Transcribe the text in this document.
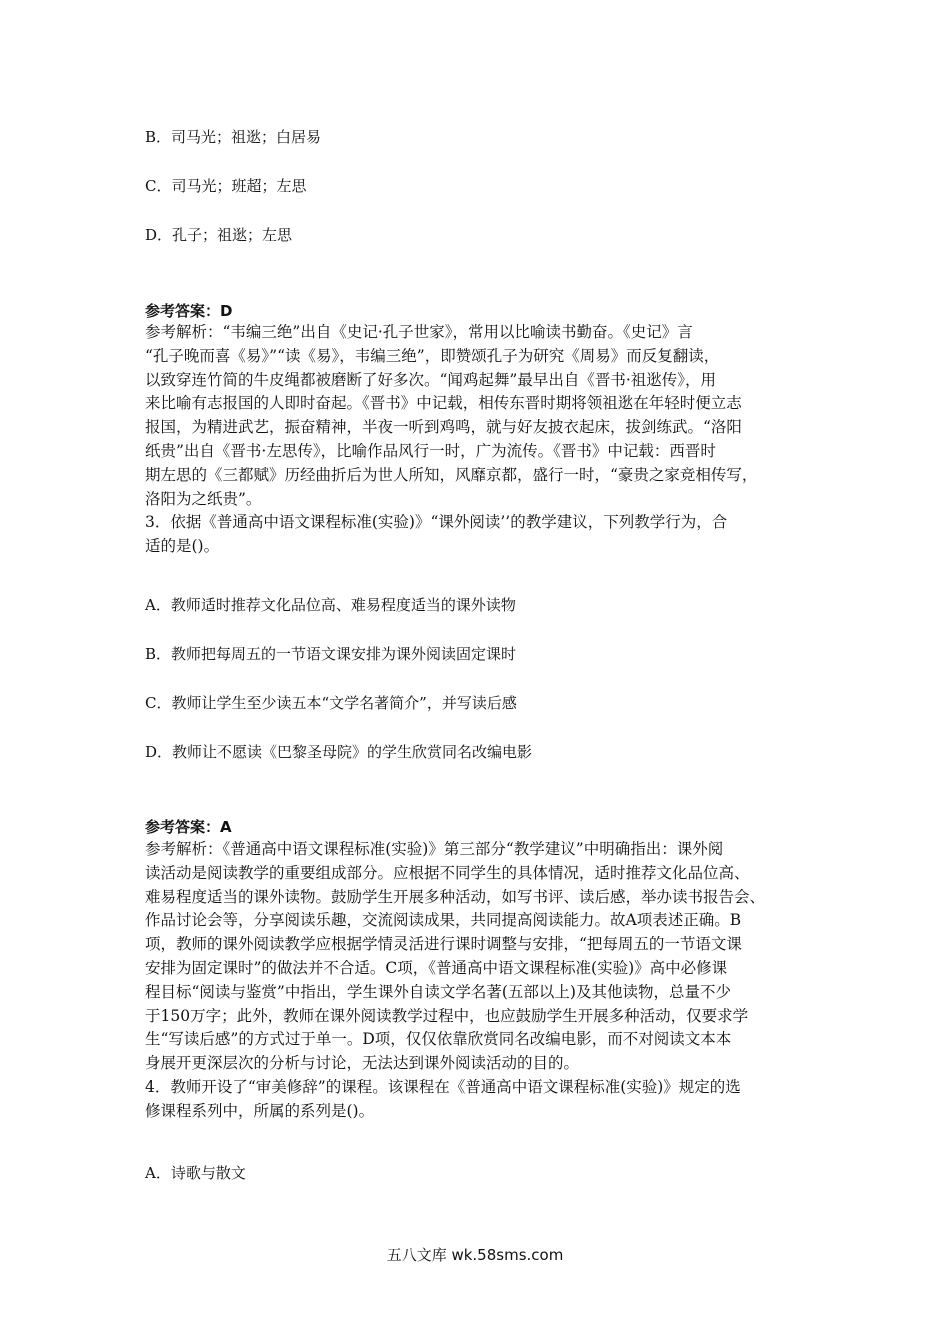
B．司马光；祖逖；白居易
C．司马光；班超；左思
D．孔子；祖逖；左思
参考答案：D

参考解析：“韦编三绝”出自《史记·孔子世家》，常用以比喻读书勤奋。《史记》言

“孔子晚而喜《易》”“读《易》，韦编三绝”，即赞颂孔子为研究《周易》而反复翻读，

以致穿连竹简的牛皮绳都被磨断了好多次。“闻鸡起舞”最早出自《晋书·祖逖传》，用

来比喻有志报国的人即时奋起。《晋书》中记载，相传东晋时期将领祖逖在年轻时便立志

报国，为精进武艺，振奋精神，半夜一听到鸡鸣，就与好友披衣起床，拔剑练武。“洛阳

纸贵”出自《晋书·左思传》，比喻作品风行一时，广为流传。《晋书》中记载：西晋时

期左思的《三都赋》历经曲折后为世人所知，风靡京都，盛行一时，“豪贵之家竞相传写，

洛阳为之纸贵”。

3．依据《普通高中语文课程标准(实验)》“课外阅读’’的教学建议，下列教学行为，合

适的是()。

A．教师适时推荐文化品位高、难易程度适当的课外读物
B．教师把每周五的一节语文课安排为课外阅读固定课时
C．教师让学生至少读五本“文学名著简介”，并写读后感
D．教师让不愿读《巴黎圣母院》的学生欣赏同名改编电影
参考答案：A

参考解析：《普通高中语文课程标准(实验)》第三部分“教学建议”中明确指出：课外阅

读活动是阅读教学的重要组成部分。应根据不同学生的具体情况，适时推荐文化品位高、

难易程度适当的课外读物。鼓励学生开展多种活动，如写书评、读后感，举办读书报告会、

作品讨论会等，分享阅读乐趣，交流阅读成果，共同提高阅读能力。故A项表述正确。B

项，教师的课外阅读教学应根据学情灵活进行课时调整与安排，“把每周五的一节语文课

安排为固定课时”的做法并不合适。C项，《普通高中语文课程标准(实验)》高中必修课

程目标“阅读与鉴赏”中指出，学生课外自读文学名著(五部以上)及其他读物，总量不少

于150万字；此外，教师在课外阅读教学过程中，也应鼓励学生开展多种活动，仅要求学

生“写读后感”的方式过于单一。D项，仅仅依靠欣赏同名改编电影，而不对阅读文本本

身展开更深层次的分析与讨论，无法达到课外阅读活动的目的。

4．教师开设了“审美修辞”的课程。该课程在《普通高中语文课程标准(实验)》规定的选

修课程系列中，所属的系列是()。

A．诗歌与散文
五八文库 wk.58sms.com
